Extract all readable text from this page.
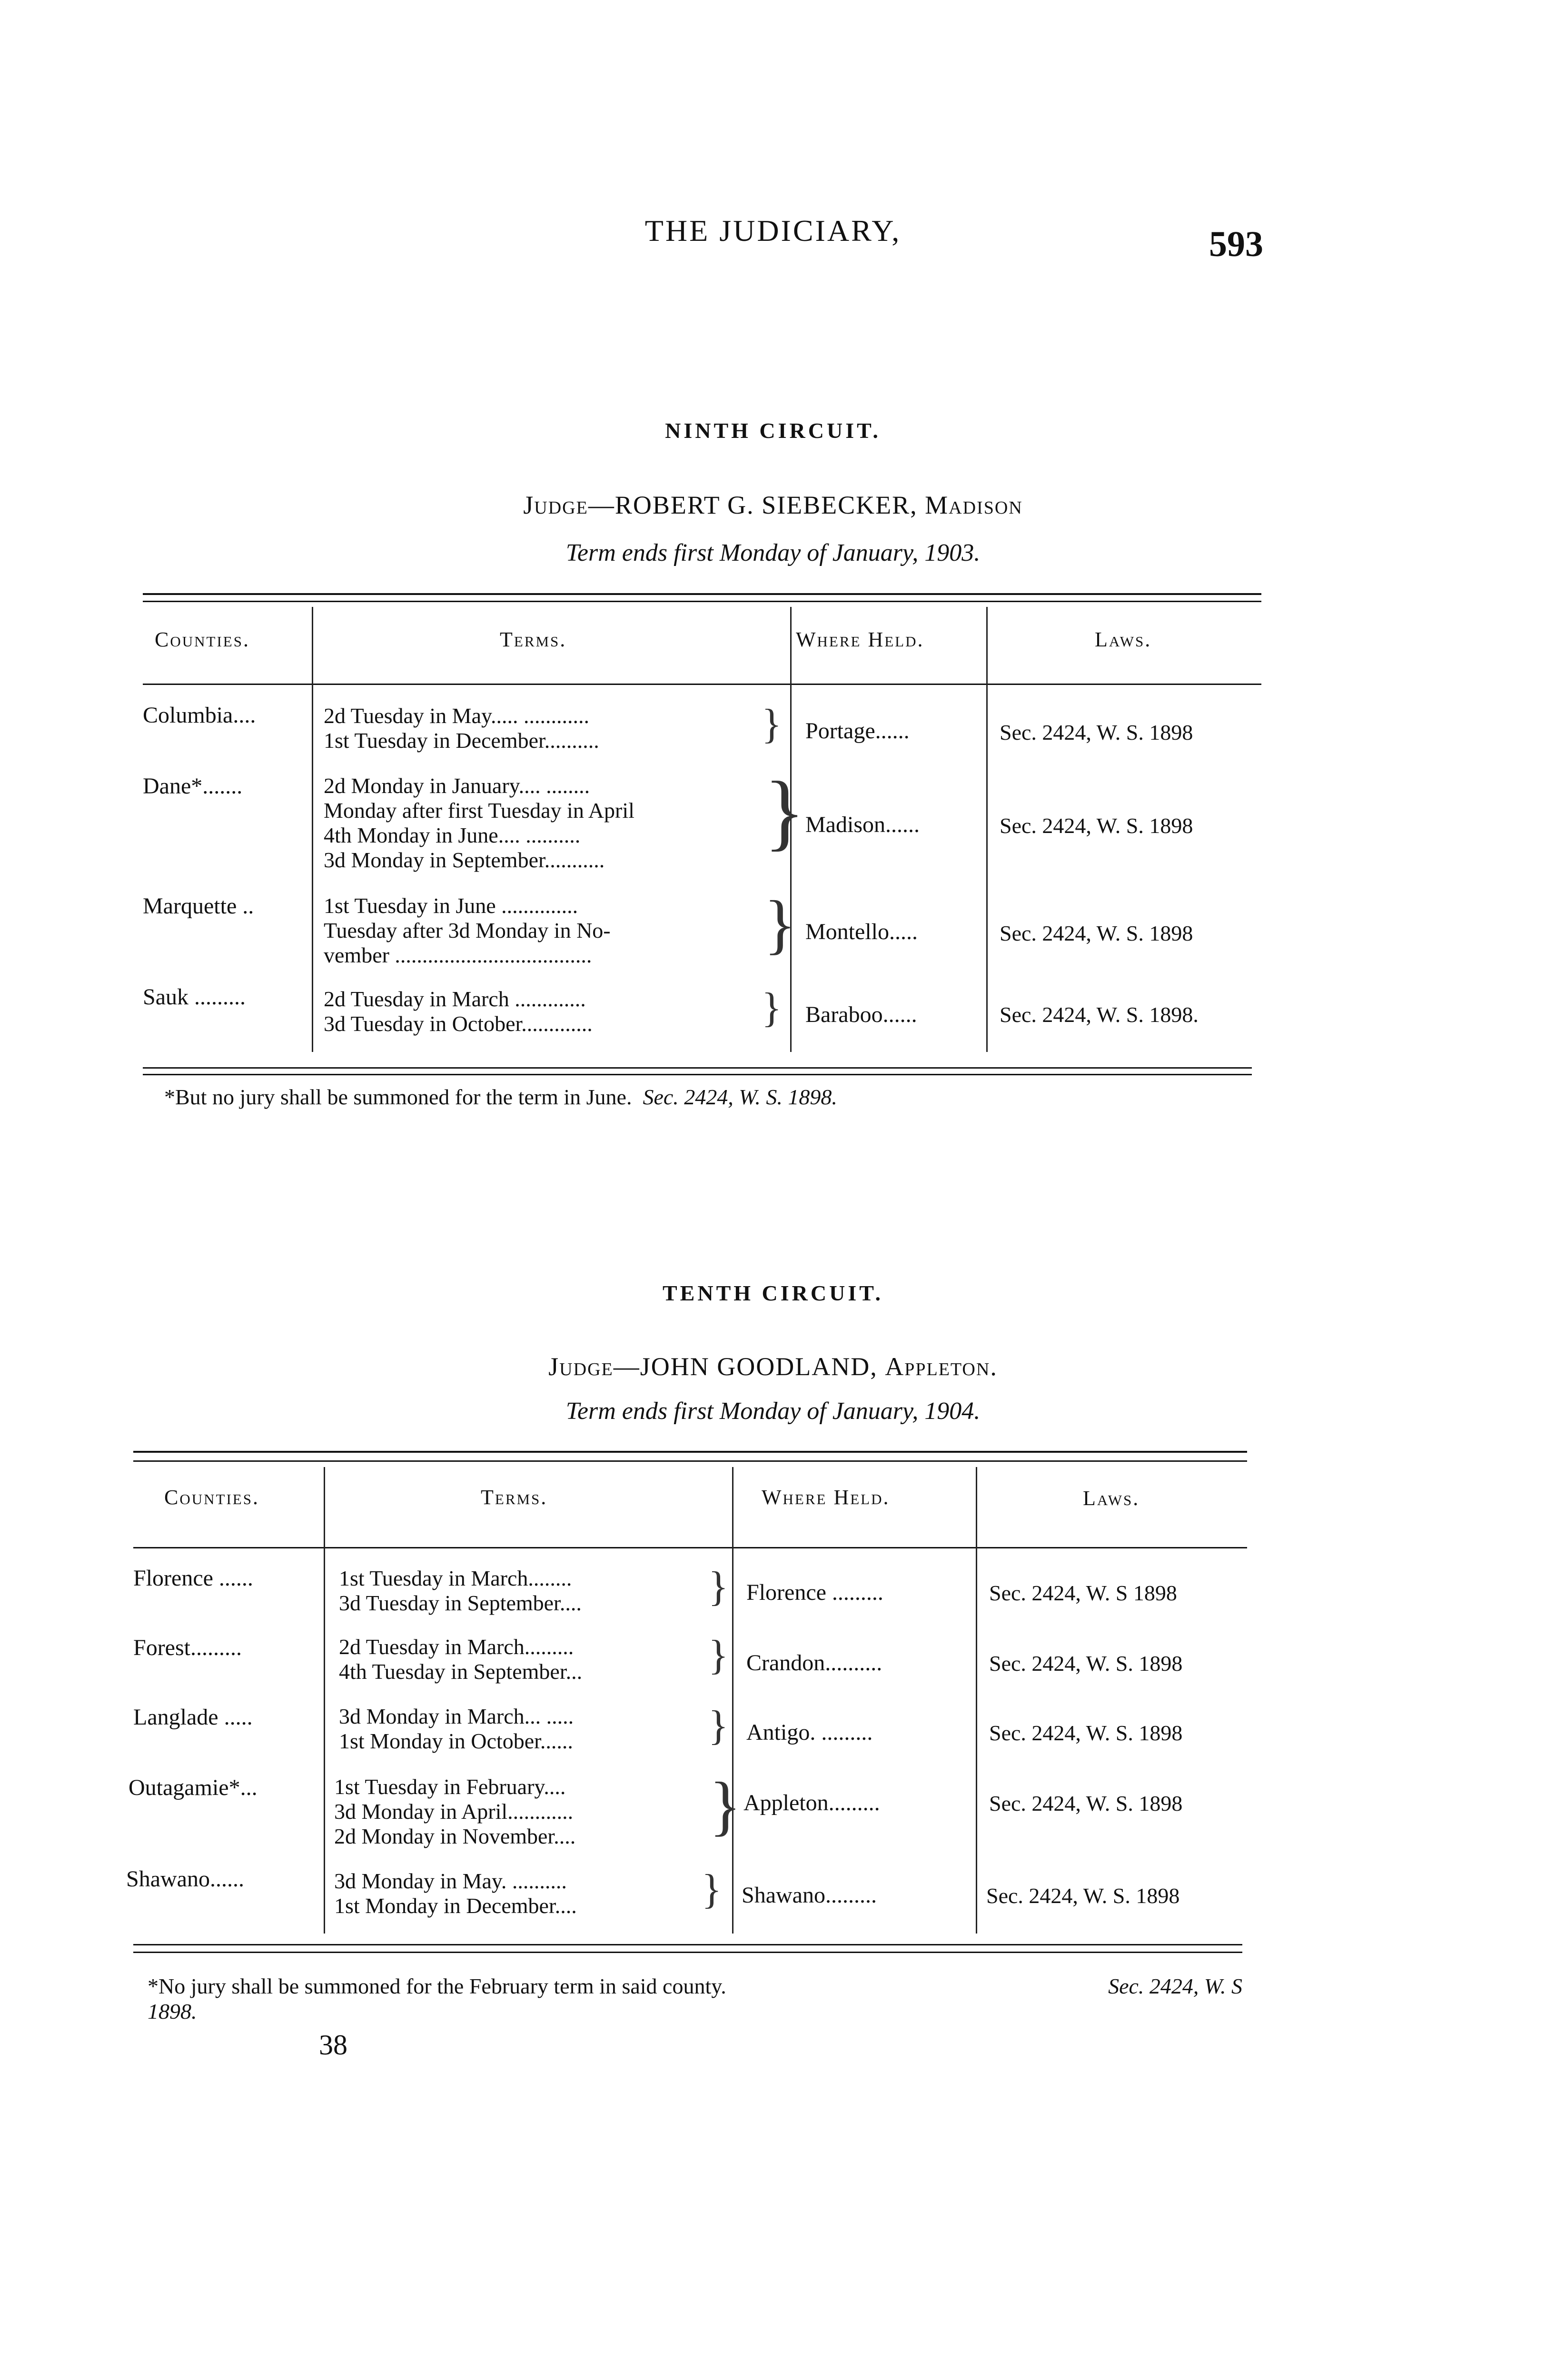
THE JUDICIARY,	593
NINTH CIRCUIT.
Judge—ROBERT G. SIEBECKER, Madison
Term ends first Monday of January, 1903.
Counties.	Terms.	Where Held.	Laws.
Columbia....	2d Tuesday in May..... ............
1st Tuesday in December..........	} Portage......	Sec. 2424, W. S. 1898
Dane*.......	2d Monday in January.... ........
Monday after first Tuesday in April
4th Monday in June.... ..........
3d Monday in September...........
} Madison......	Sec. 2424, W. S. 1898
Marquette ..	1st Tuesday in June ..............
Tuesday after 3d Monday in No-
vember ....................................	} Montello.....	Sec. 2424, W. S. 1898
Sauk .........	2d Tuesday in March .............
3d Tuesday in October.............	} Baraboo......	Sec. 2424, W. S. 1898.
*But no jury shall be summoned for the term in June. Sec. 2424, W. S. 1898.
TENTH CIRCUIT.
Judge—JOHN GOODLAND, Appleton.
Term ends first Monday of January, 1904.
Counties.	Terms.	Where Held.	Laws.
Florence ......	1st Tuesday in March........
3d Tuesday in September....	} Florence .........	Sec. 2424, W. S 1898
Forest.........	2d Tuesday in March.........
4th Tuesday in September...	} Crandon..........	Sec. 2424, W. S. 1898
Langlade .....	3d Monday in March... .....
1st Monday in October......	} Antigo. .........	Sec. 2424, W. S. 1898
Outagamie*...	1st Tuesday in February....
3d Monday in April............
2d Monday in November.... } Appleton.........	Sec. 2424, W. S. 1898
Shawano......	3d Monday in May. ..........
1st Monday in December....	} Shawano.........	Sec. 2424, W. S. 1898
*No jury shall be summoned for the February term in said county.	Sec. 2424, W. S
1898.
38
